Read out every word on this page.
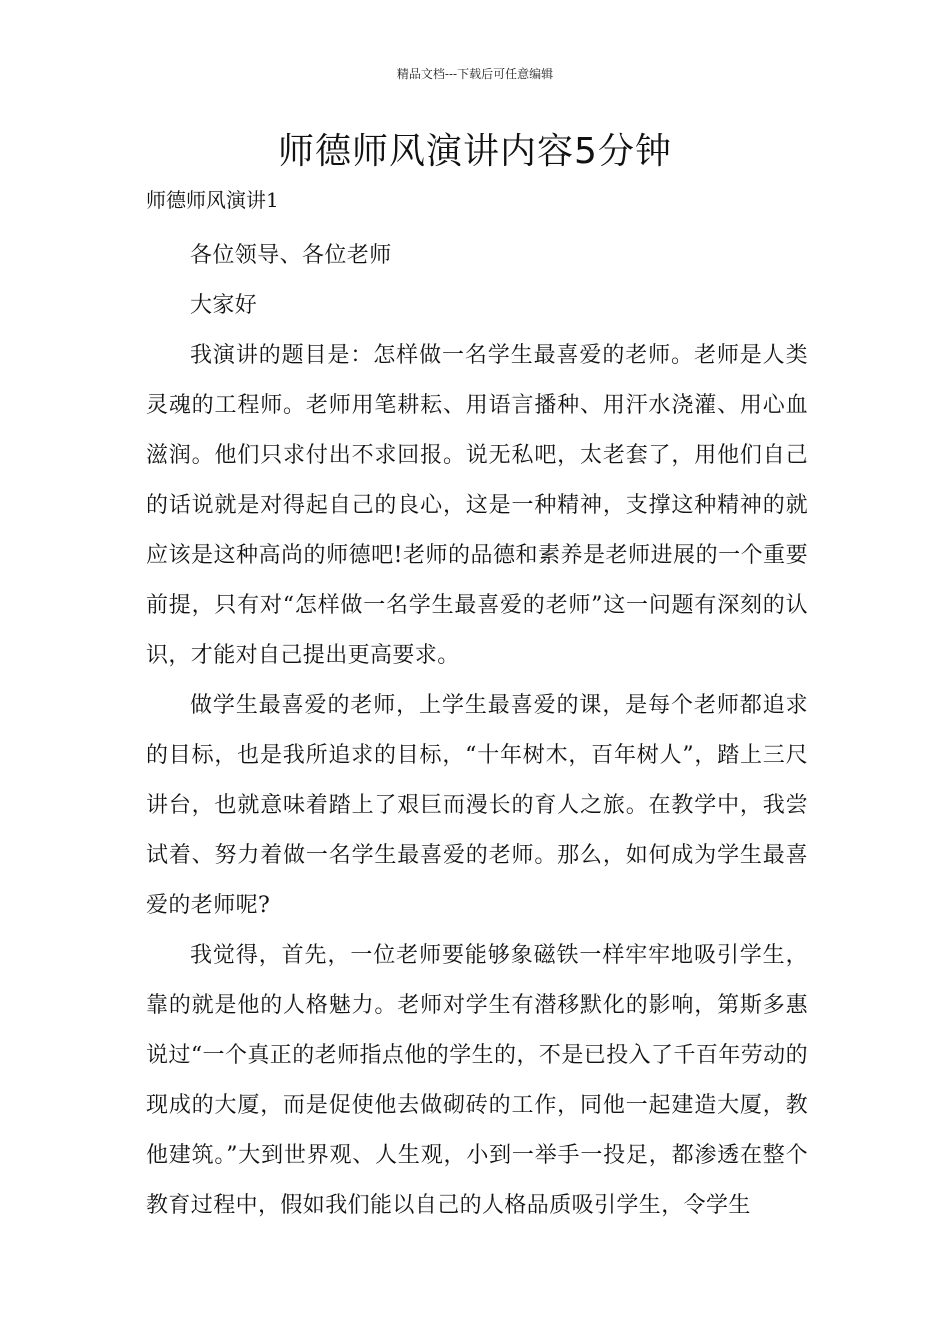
精品文档---下载后可任意编辑
师德师风演讲内容5分钟
师德师风演讲1

各位领导、各位老师

大家好

我演讲的题目是：怎样做一名学生最喜爱的老师。老师是人类灵魂的工程师。老师用笔耕耘、用语言播种、用汗水浇灌、用心血滋润。他们只求付出不求回报。说无私吧，太老套了，用他们自己的话说就是对得起自己的良心，这是一种精神，支撑这种精神的就应该是这种高尚的师德吧!老师的品德和素养是老师进展的一个重要前提，只有对“怎样做一名学生最喜爱的老师”这一问题有深刻的认识，才能对自己提出更高要求。

做学生最喜爱的老师，上学生最喜爱的课，是每个老师都追求的目标，也是我所追求的目标，“十年树木，百年树人”，踏上三尺讲台，也就意味着踏上了艰巨而漫长的育人之旅。在教学中，我尝试着、努力着做一名学生最喜爱的老师。那么，如何成为学生最喜爱的老师呢?

我觉得，首先，一位老师要能够象磁铁一样牢牢地吸引学生，靠的就是他的人格魅力。老师对学生有潜移默化的影响，第斯多惠说过“一个真正的老师指点他的学生的，不是已投入了千百年劳动的现成的大厦，而是促使他去做砌砖的工作，同他一起建造大厦，教他建筑。”大到世界观、人生观，小到一举手一投足，都渗透在整个教育过程中，假如我们能以自己的人格品质吸引学生，令学生
